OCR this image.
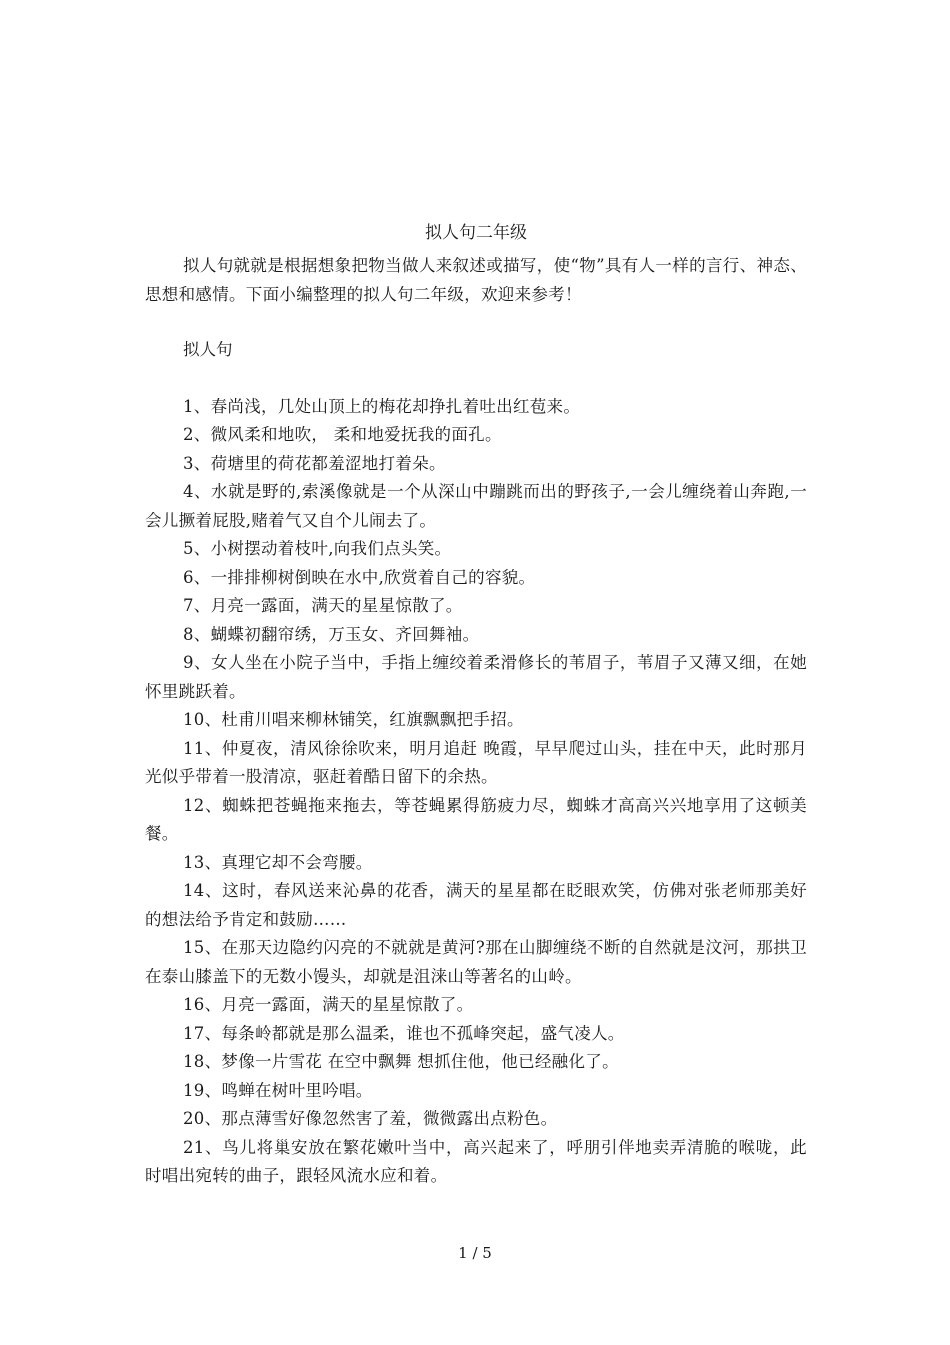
拟人句二年级

拟人句就就是根据想象把物当做人来叙述或描写，使“物”具有人一样的言行、神态、思想和感情。下面小编整理的拟人句二年级，欢迎来参考！

拟人句

1、春尚浅，几处山顶上的梅花却挣扎着吐出红苞来。

2、微风柔和地吹， 柔和地爱抚我的面孔。

3、荷塘里的荷花都羞涩地打着朵。

4、水就是野的,索溪像就是一个从深山中蹦跳而出的野孩子,一会儿缠绕着山奔跑,一会儿撅着屁股,赌着气又自个儿闹去了。

5、小树摆动着枝叶,向我们点头笑。

6、一排排柳树倒映在水中,欣赏着自己的容貌。

7、月亮一露面，满天的星星惊散了。

8、蝴蝶初翻帘绣，万玉女、齐回舞袖。

9、女人坐在小院子当中，手指上缠绞着柔滑修长的苇眉子，苇眉子又薄又细，在她怀里跳跃着。

10、杜甫川唱来柳林铺笑，红旗飘飘把手招。

11、仲夏夜，清风徐徐吹来，明月追赶 晚霞，早早爬过山头，挂在中天，此时那月光似乎带着一股清凉，驱赶着酷日留下的余热。

12、蜘蛛把苍蝇拖来拖去，等苍蝇累得筋疲力尽，蜘蛛才高高兴兴地享用了这顿美餐。

13、真理它却不会弯腰。

14、这时，春风送来沁鼻的花香，满天的星星都在眨眼欢笑，仿佛对张老师那美好的想法给予肯定和鼓励……

15、在那天边隐约闪亮的不就就是黄河?那在山脚缠绕不断的自然就是汶河，那拱卫在泰山膝盖下的无数小馒头，却就是沮涞山等著名的山岭。

16、月亮一露面，满天的星星惊散了。

17、每条岭都就是那么温柔，谁也不孤峰突起，盛气凌人。

18、梦像一片雪花 在空中飘舞 想抓住他，他已经融化了。

19、鸣蝉在树叶里吟唱。

20、那点薄雪好像忽然害了羞，微微露出点粉色。

21、鸟儿将巢安放在繁花嫩叶当中，高兴起来了，呼朋引伴地卖弄清脆的喉咙，此时唱出宛转的曲子，跟轻风流水应和着。

1 / 5
